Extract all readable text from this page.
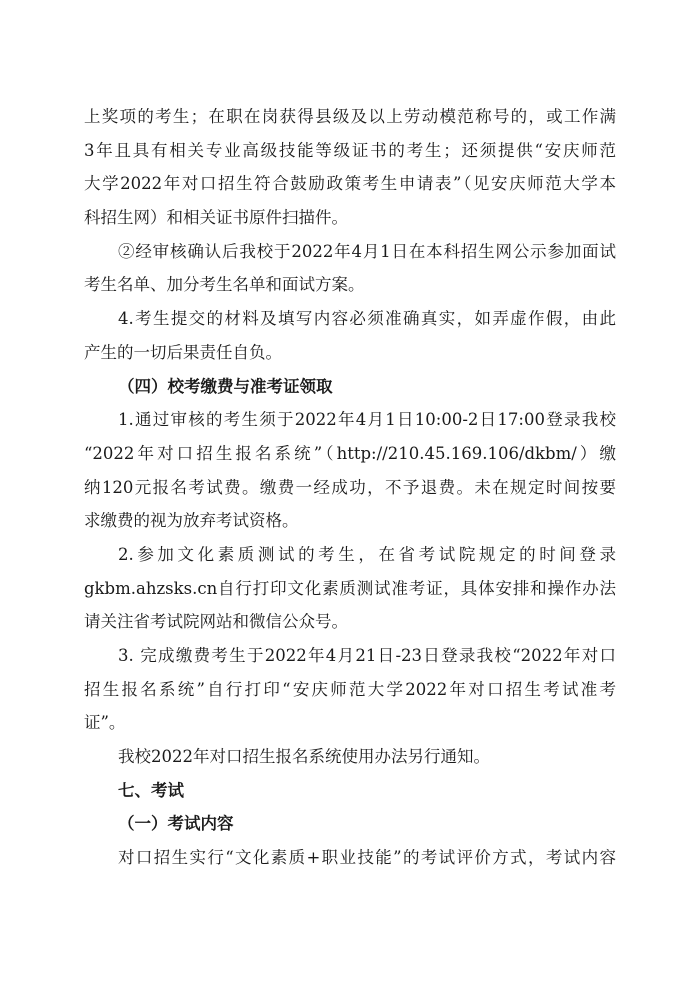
上奖项的考生；在职在岗获得县级及以上劳动模范称号的，或工作满
3年且具有相关专业高级技能等级证书的考生；还须提供“安庆师范
大学2022年对口招生符合鼓励政策考生申请表”（见安庆师范大学本
科招生网）和相关证书原件扫描件。
②经审核确认后我校于2022年4月1日在本科招生网公示参加面试
考生名单、加分考生名单和面试方案。
4.考生提交的材料及填写内容必须准确真实，如弄虚作假，由此
产生的一切后果责任自负。
（四）校考缴费与准考证领取
1.通过审核的考生须于2022年4月1日10:00-2日17:00登录我校
“2022年对口招生报名系统”（http://210.45.169.106/dkbm/）缴
纳120元报名考试费。缴费一经成功，不予退费。未在规定时间按要
求缴费的视为放弃考试资格。
2.参加文化素质测试的考生，在省考试院规定的时间登录
gkbm.ahzsks.cn自行打印文化素质测试准考证，具体安排和操作办法
请关注省考试院网站和微信公众号。
3. 完成缴费考生于2022年4月21日-23日登录我校“2022年对口
招生报名系统”自行打印“安庆师范大学2022年对口招生考试准考
证”。
我校2022年对口招生报名系统使用办法另行通知。
七、考试
（一）考试内容
对口招生实行“文化素质+职业技能”的考试评价方式，考试内容
